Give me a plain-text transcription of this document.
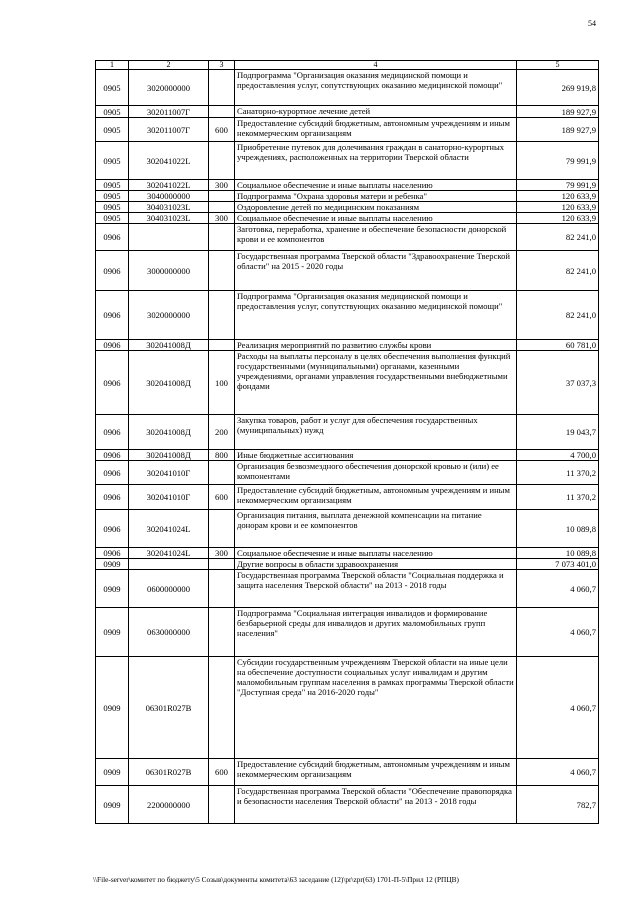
54
1	2	3	4	5
0905	3020000000		Подпрограмма "Организация оказания медицинской помощи и предоставления услуг, сопутствующих оказанию медицинской помощи"	269 919,8
0905	302011007Г		Санаторно-курортное лечение детей	189 927,9
0905	302011007Г	600	Предоставление субсидий бюджетным, автономным учреждениям и иным некоммерческим организациям	189 927,9
0905	302041022L		Приобретение путевок для долечивания граждан в санаторно-курортных учреждениях, расположенных на территории Тверской области	79 991,9
0905	302041022L	300	Социальное обеспечение и иные выплаты населению	79 991,9
0905	3040000000		Подпрограмма "Охрана здоровья матери и ребенка"	120 633,9
0905	304031023L		Оздоровление детей по медицинским показаниям	120 633,9
0905	304031023L	300	Социальное обеспечение и иные выплаты населению	120 633,9
0906			Заготовка, переработка, хранение и обеспечение безопасности донорской крови и ее компонентов	82 241,0
0906	3000000000		Государственная программа Тверской области "Здравоохранение Тверской области" на 2015 - 2020 годы	82 241,0
0906	3020000000		Подпрограмма "Организация оказания медицинской помощи и предоставления услуг, сопутствующих оказанию медицинской помощи"	82 241,0
0906	302041008Д		Реализация мероприятий по развитию службы крови	60 781,0
0906	302041008Д	100	Расходы на выплаты персоналу в целях обеспечения выполнения функций государственными (муниципальными) органами, казенными учреждениями, органами управления государственными внебюджетными фондами	37 037,3
0906	302041008Д	200	Закупка товаров, работ и услуг для обеспечения государственных (муниципальных) нужд	19 043,7
0906	302041008Д	800	Иные бюджетные ассигнования	4 700,0
0906	302041010Г		Организация безвозмездного обеспечения донорской кровью и (или) ее компонентами	11 370,2
0906	302041010Г	600	Предоставление субсидий бюджетным, автономным учреждениям и иным некоммерческим организациям	11 370,2
0906	302041024L		Организация питания, выплата денежной компенсации на питание донорам крови и ее компонентов	10 089,8
0906	302041024L	300	Социальное обеспечение и иные выплаты населению	10 089,8
0909			Другие вопросы в области здравоохранения	7 073 401,0
0909	0600000000		Государственная программа Тверской области "Социальная поддержка и защита населения Тверской области" на 2013 - 2018 годы	4 060,7
0909	0630000000		Подпрограмма "Социальная интеграция инвалидов и формирование безбарьерной среды для инвалидов и других маломобильных групп населения"	4 060,7
0909	06301R027B		Субсидии государственным учреждениям Тверской области на иные цели на обеспечение доступности социальных услуг инвалидам и другим маломобильным группам населения в рамках программы Тверской области "Доступная среда" на 2016-2020 годы"	4 060,7
0909	06301R027B	600	Предоставление субсидий бюджетным, автономным учреждениям и иным некоммерческим организациям	4 060,7
0909	2200000000		Государственная программа Тверской области "Обеспечение правопорядка и безопасности населения Тверской области" на 2013 - 2018 годы	782,7
\\File-server\комитет по бюджету\5 Созыв\документы комитета\63 заседание (12)\pr\zpr(63) 1701-П-5\Прил 12 (РПЦВ)
